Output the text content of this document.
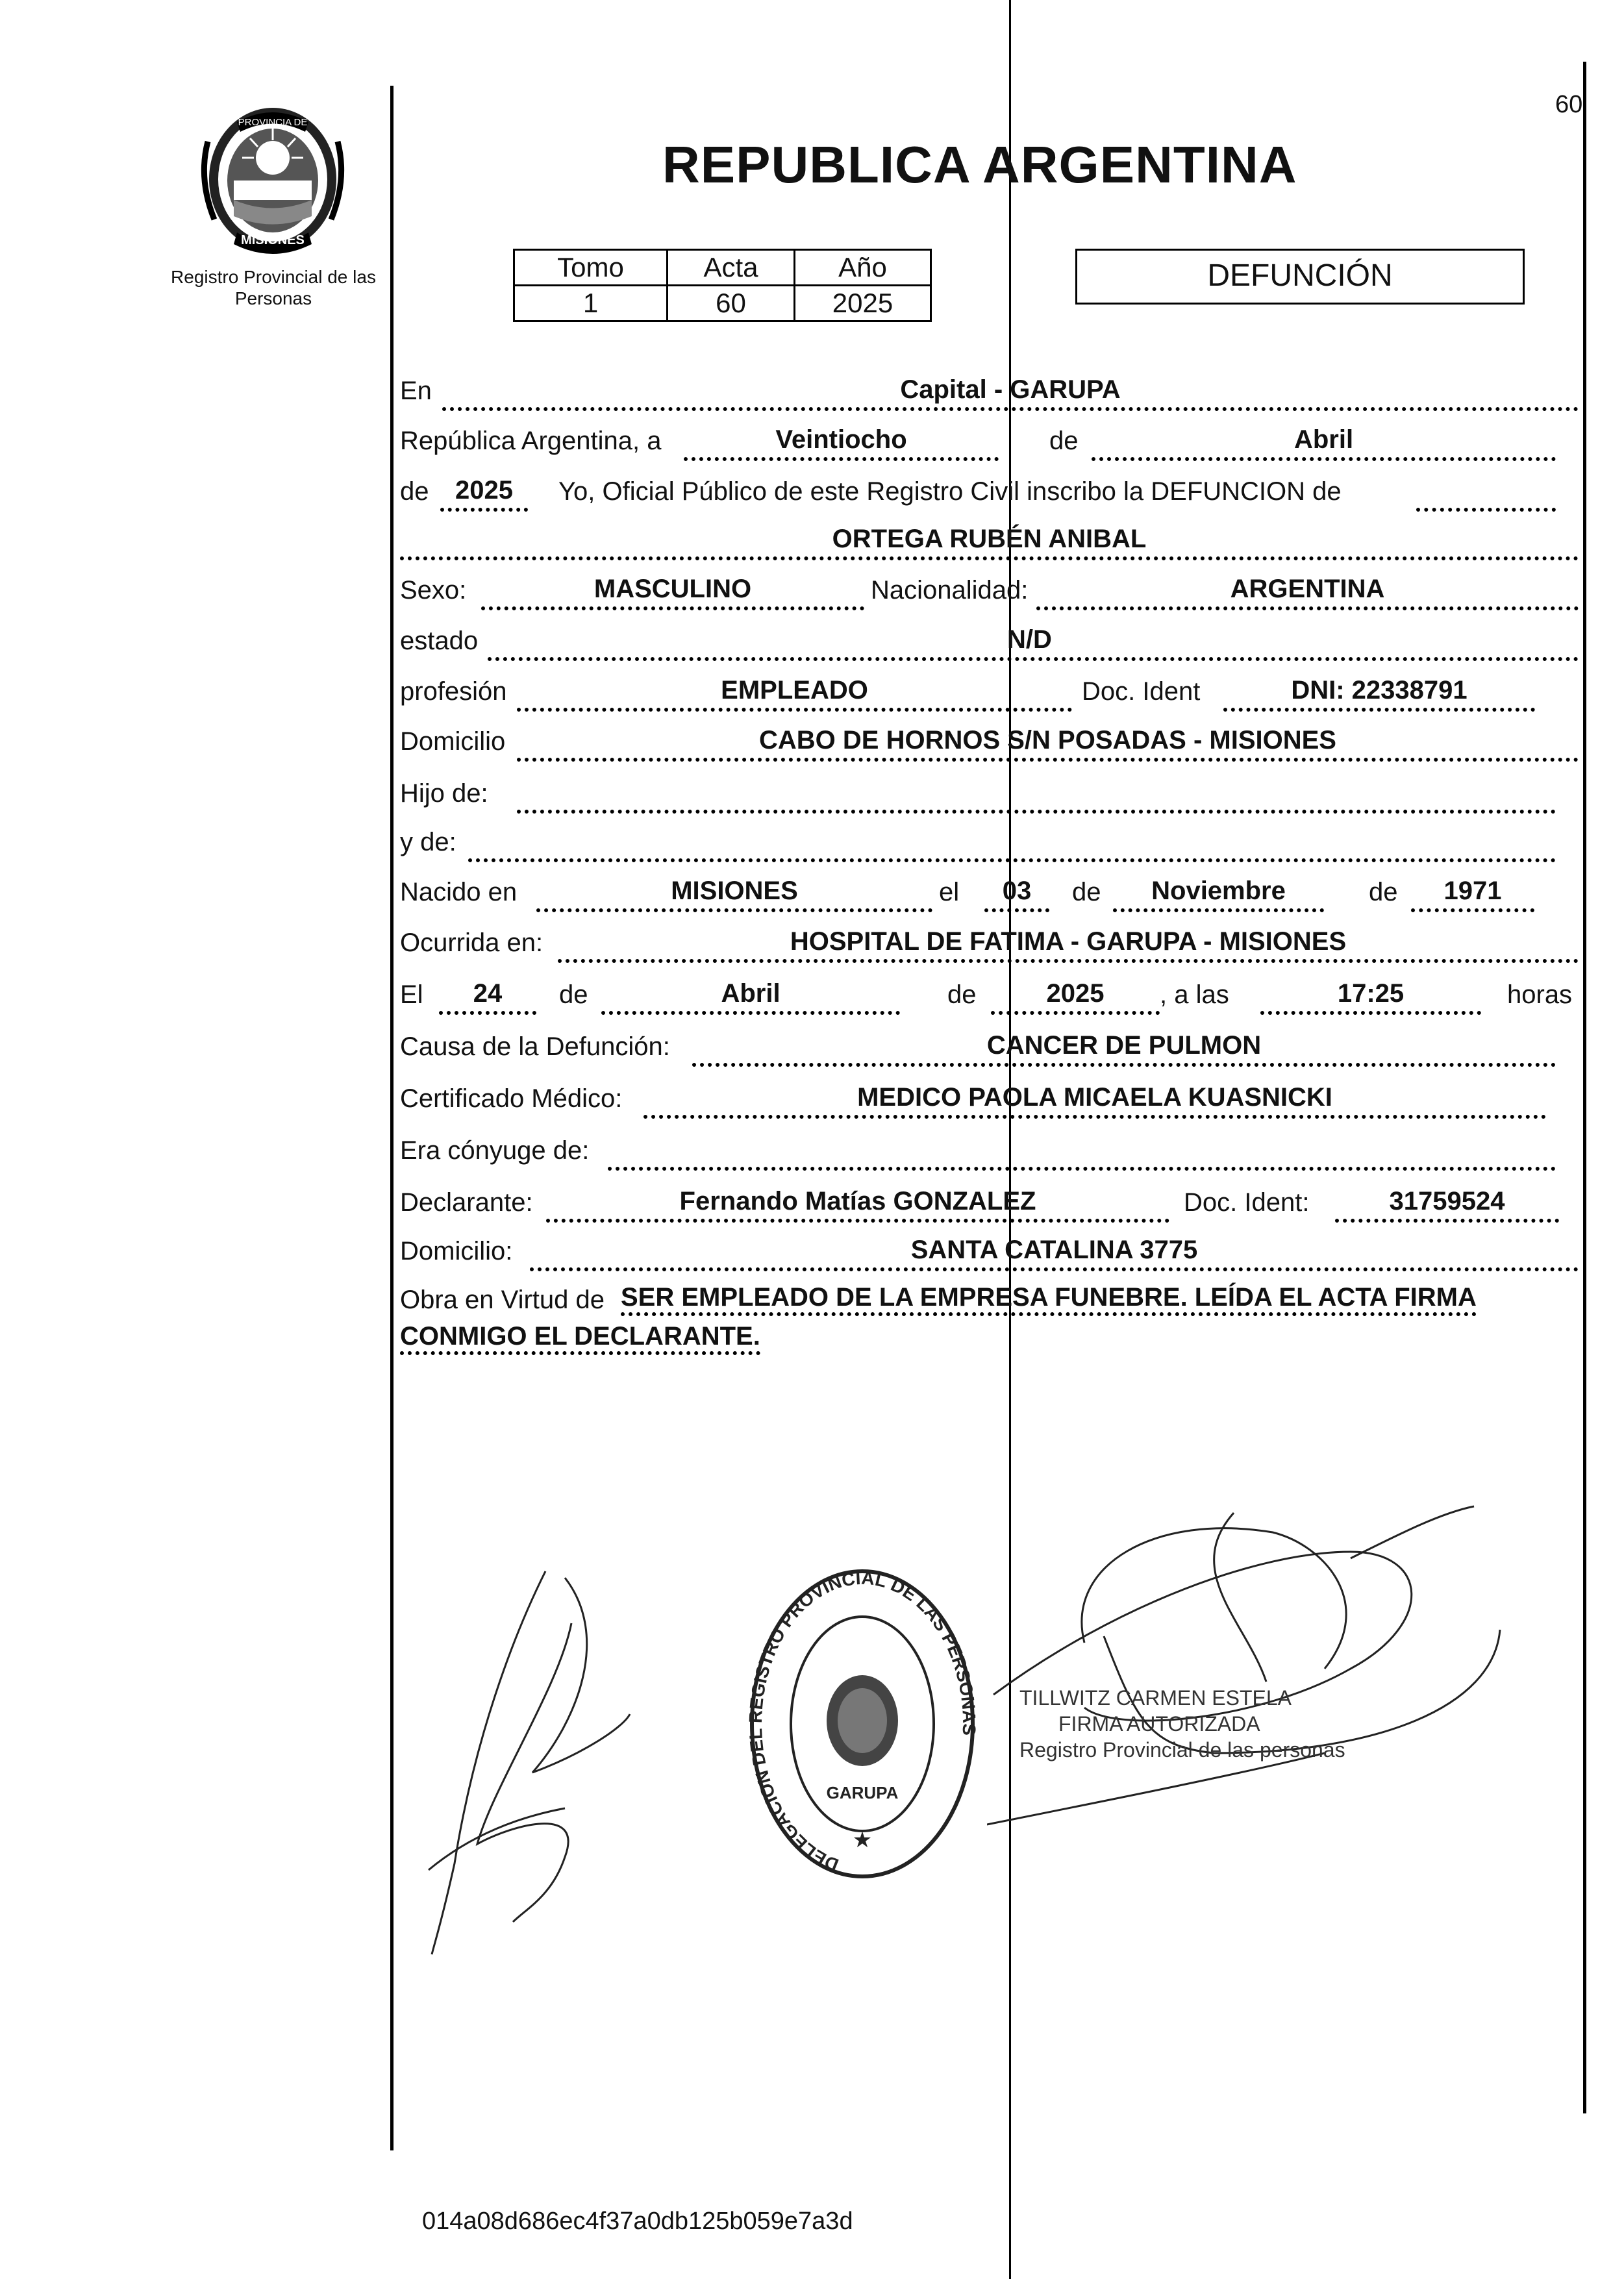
60
MISIONES
PROVINCIA DE
Registro Provincial de las Personas
REPUBLICA ARGENTINA
Tomo	Acta	Año
1	60	2025
DEFUNCIÓN
En	Capital - GARUPA
República Argentina, a	Veintiocho	de	Abril
de	2025	Yo, Oficial Público de este Registro Civil inscribo la DEFUNCION de
ORTEGA RUBÉN ANIBAL
Sexo:	MASCULINO	Nacionalidad:	ARGENTINA
estado	N/D
profesión	EMPLEADO	Doc. Ident	DNI: 22338791
Domicilio	CABO DE HORNOS S/N POSADAS - MISIONES
Hijo de:
y de:
Nacido en	MISIONES	el	03	de	Noviembre	de	1971
Ocurrida en:	HOSPITAL DE FATIMA - GARUPA - MISIONES
El	24	de	Abril	de	2025	, a las	17:25	horas
Causa de la Defunción:	CANCER DE PULMON
Certificado Médico:	MEDICO PAOLA MICAELA KUASNICKI
Era cónyuge de:
Declarante:	Fernando Matías GONZALEZ	Doc. Ident:	31759524
Domicilio:	SANTA CATALINA 3775
Obra en Virtud de SER EMPLEADO DE LA EMPRESA FUNEBRE. LEÍDA EL ACTA FIRMA
CONMIGO EL DECLARANTE.
DELEGACION DEL REGISTRO PROVINCIAL DE LAS PERSONAS
GARUPA
★
TILLWITZ CARMEN ESTELA
FIRMA AUTORIZADA
Registro Provincial de las personas
014a08d686ec4f37a0db125b059e7a3d
